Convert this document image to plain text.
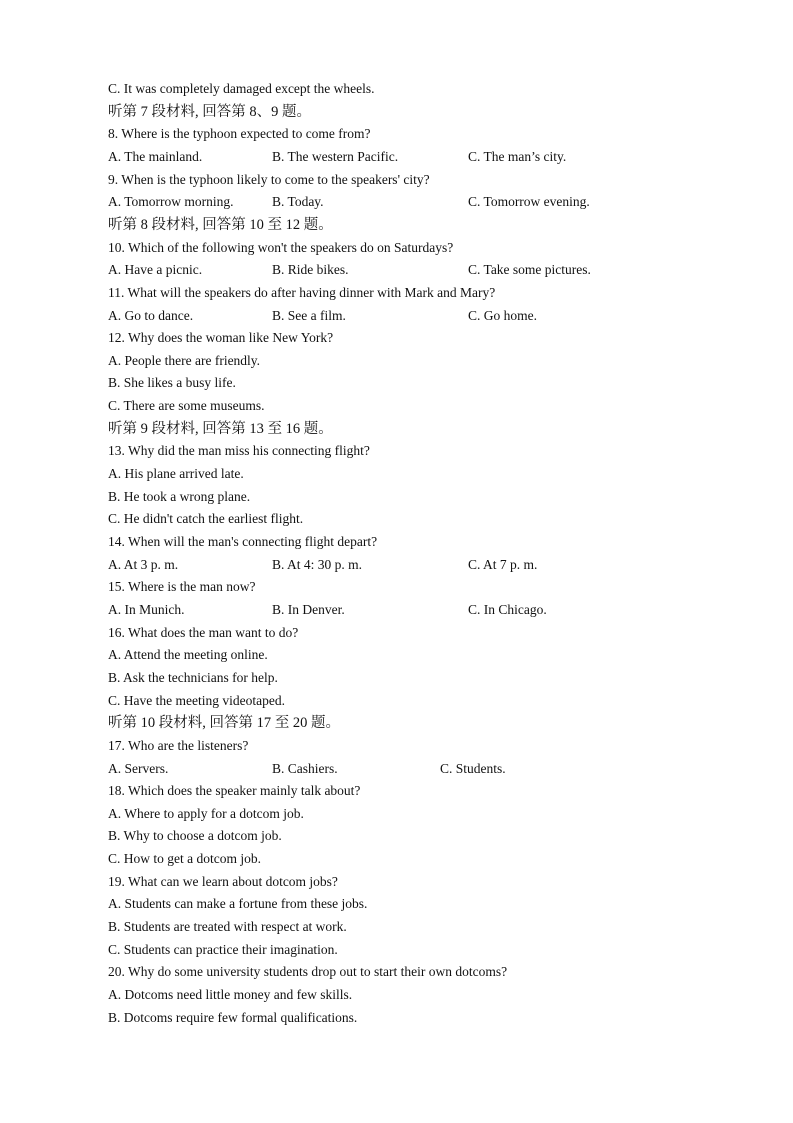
C. It was completely damaged except the wheels.
听第 7 段材料, 回答第 8、9 题。
8. Where is the typhoon expected to come from?
A. The mainland.	B. The western Pacific.	C. The man’s city.
9. When is the typhoon likely to come to the speakers' city?
A. Tomorrow morning.	B. Today.	C. Tomorrow evening.
听第 8 段材料, 回答第 10 至 12 题。
10. Which of the following won't the speakers do on Saturdays?
A. Have a picnic.	B. Ride bikes.	C. Take some pictures.
11. What will the speakers do after having dinner with Mark and Mary?
A. Go to dance.	B. See a film.	C. Go home.
12. Why does the woman like New York?
A. People there are friendly.
B. She likes a busy life.
C. There are some museums.
听第 9 段材料, 回答第 13 至 16 题。
13. Why did the man miss his connecting flight?
A. His plane arrived late.
B. He took a wrong plane.
C. He didn't catch the earliest flight.
14. When will the man's connecting flight depart?
A. At 3 p. m.	B. At 4: 30 p. m.	C. At 7 p. m.
15. Where is the man now?
A. In Munich.	B. In Denver.	C. In Chicago.
16. What does the man want to do?
A. Attend the meeting online.
B. Ask the technicians for help.
C. Have the meeting videotaped.
听第 10 段材料, 回答第 17 至 20 题。
17. Who are the listeners?
A. Servers.	B. Cashiers.	C. Students.
18. Which does the speaker mainly talk about?
A. Where to apply for a dotcom job.
B. Why to choose a dotcom job.
C. How to get a dotcom job.
19. What can we learn about dotcom jobs?
A. Students can make a fortune from these jobs.
B. Students are treated with respect at work.
C. Students can practice their imagination.
20. Why do some university students drop out to start their own dotcoms?
A. Dotcoms need little money and few skills.
B. Dotcoms require few formal qualifications.
